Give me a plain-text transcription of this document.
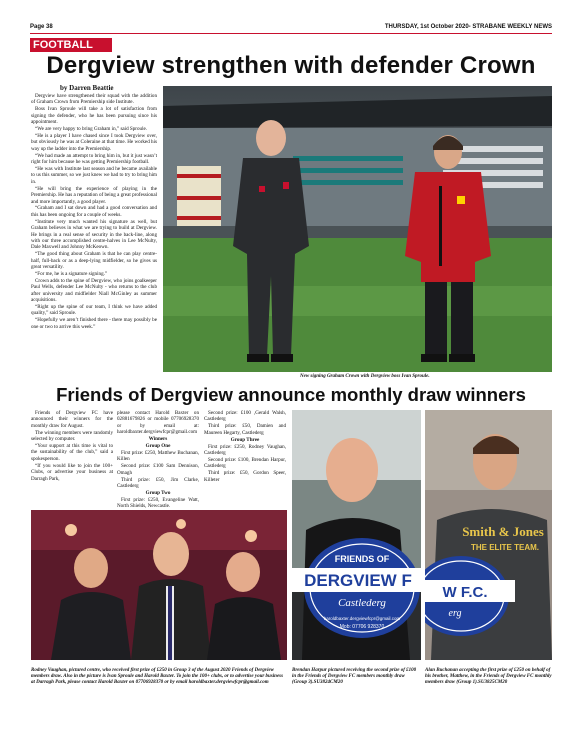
Page 38	THURSDAY, 1st October 2020- STRABANE WEEKLY NEWS
FOOTBALL
Dergview strengthen with defender Crown
by Darren Beattie

Dergview have strengthened their squad with the addition of Graham Crown from Premiership side Institute.

Boss Ivan Sproule will take a lot of satisfaction from signing the defender, who he has been pursuing since his appointment.

“We are very happy to bring Graham in,” said Sproule.

“He is a player I have chased since I took Dergview over, but obviously he was at Coleraine at that time. He worked his way up the ladder into the Premiership.

“We had made an attempt to bring him in, but it just wasn’t right for him because he was getting Premiership football.

“He was with Institute last season and he became available to us this summer, so we just knew we had to try to bring him in.

“He will bring the experience of playing in the Premiership. He has a reputation of being a great professional and more importantly, a good player.

“Graham and I sat down and had a good conversation and this has been ongoing for a couple of weeks.

“Institute very much wanted his signature as well, but Graham believes in what we are trying to build at Dergview. He brings in a real sense of security in the back-line, along with our three accomplished centre-halves in Lee McNulty, Dale Maxwell and Johnny McKeown.

“The good thing about Graham is that he can play centre-half, full-back or as a deep-lying midfielder, so he gives us great versatility.

“For me, he is a signature signing.”

Crown adds to the spine of Dergview, who joins goalkeeper Paul Wells, defender Lee McNulty - who returns to the club after university and midfielder Niall McGinley as summer acquisitions.

“Right up the spine of our team, I think we have added quality,” said Sproule.

“Hopefully we aren’t finished there - there may possibly be one or two to arrive this week.”

New signing Graham Crown with Dergview boss Ivan Sproule.
Friends of Dergview announce monthly draw winners

Friends of Dergview FC have announced their winners for the monthly draw for August.

The winning members were randomly selected by computer.

“Your support at this time is vital to the sustainability of the club,” said a spokesperson.

“If you would like to join the 100+ Clubs, or advertise your business at Darragh Park,

please contact Harold Baxter on 02881679826 or mobile 07706928370 or by email at: haroldbaxter.dergviewfcpr@gmail.com

Winners

Group One

First prize: £250, Matthew Buchanan, Killen

Second prize: £100 Sam Dennison, Omagh

Third prize: £50, Jim Clarke, Castlederg

Group Two

First prize: £250, Evangeline Watt, North Shields, Newcastle.

Second prize: £100 ,Gerald Walsh, Castlederg

Third prize: £50, Damien and Maureen Hegarty, Castlederg

Group Three

First prize: £250, Rodney Vaughan, Castlederg

Second prize: £100, Brendan Harpur, Castlederg

Third prize: £50, Gordon Speer, Killeter

Rodney Vaughan, pictured centre, who received first prize of £250 in Group 3 of the August 2020 Friends of Dergview members draw. Also in the picture is Ivan Sproule and Harold Baxter. To join the 100+ clubs, or to advertise your business at Darragh Park, please contact Harold Baxter on 07706928370 or by email haroldbaxter.dergviewfcpr@gmail.com
FRIENDS OF
DERGVIEW F
Castlederg
haroldbaxter.dergviewfcpr@gmail.com
Mob: 07706 928370
Brendan Harpur pictured receiving the second prize of £100 in the Friends of Dergview FC members monthly draw (Group 3).SU3824CM20
Smith & Jones
THE ELITE TEAM.
W F.C.
erg
Alan Buchanan accepting the first prize of £250 on behalf of his brother, Matthew, in the Friends of Dergview FC monthly members draw (Group 1).SU3825CM20
